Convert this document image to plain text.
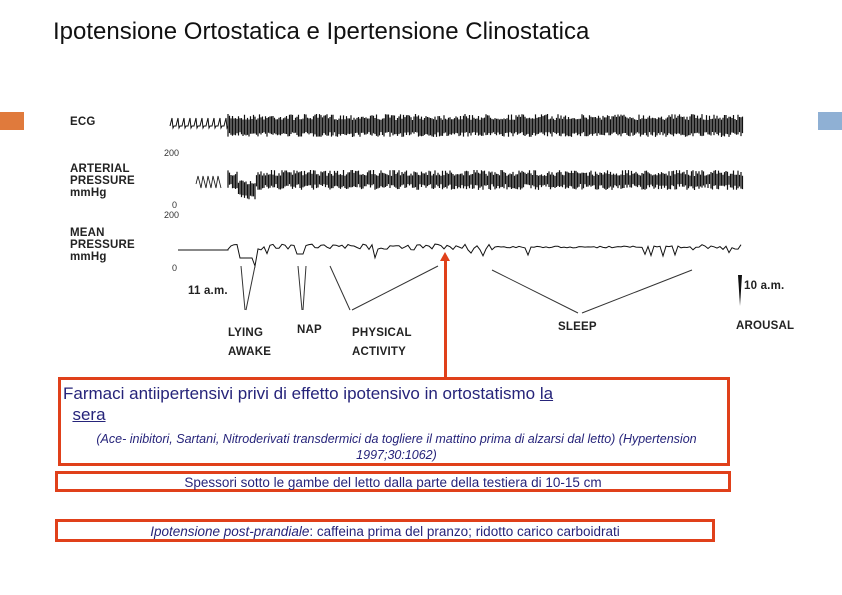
Ipotensione Ortostatica e Ipertensione Clinostatica
ECG
ARTERIAL
PRESSURE
mmHg
MEAN
PRESSURE
mmHg
200
0
200
0
11 a.m.	10 a.m.
LYING
AWAKE
NAP	PHYSICAL
ACTIVITY
SLEEP	AROUSAL
Farmaci antiipertensivi privi di effetto ipotensivo in ortostatismo la
sera
(Ace- inibitori, Sartani, Nitroderivati transdermici da togliere il mattino prima di alzarsi dal letto) (Hypertension 1997;30:1062)
Spessori sotto le gambe del letto dalla parte della testiera di 10-15 cm
Ipotensione post-prandiale: caffeina prima del pranzo; ridotto carico carboidrati
